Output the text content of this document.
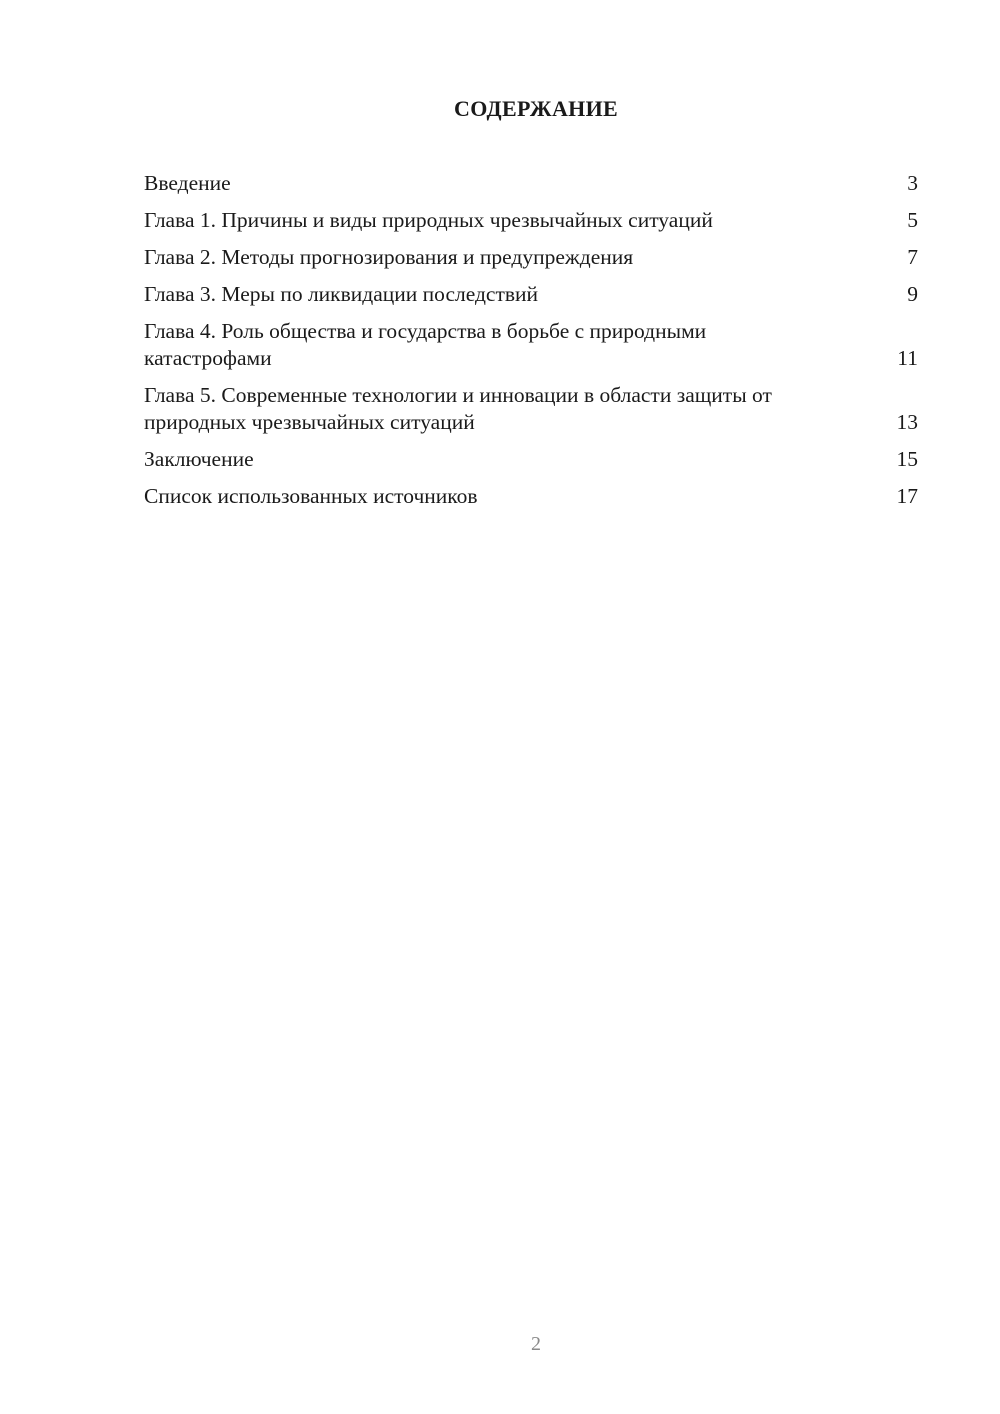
СОДЕРЖАНИЕ
Введение	3
Глава 1. Причины и виды природных чрезвычайных ситуаций	5
Глава 2. Методы прогнозирования и предупреждения	7
Глава 3. Меры по ликвидации последствий	9
Глава 4. Роль общества и государства в борьбе с природными катастрофами	11
Глава 5. Современные технологии и инновации в области защиты от природных чрезвычайных ситуаций	13
Заключение	15
Список использованных источников	17
2
